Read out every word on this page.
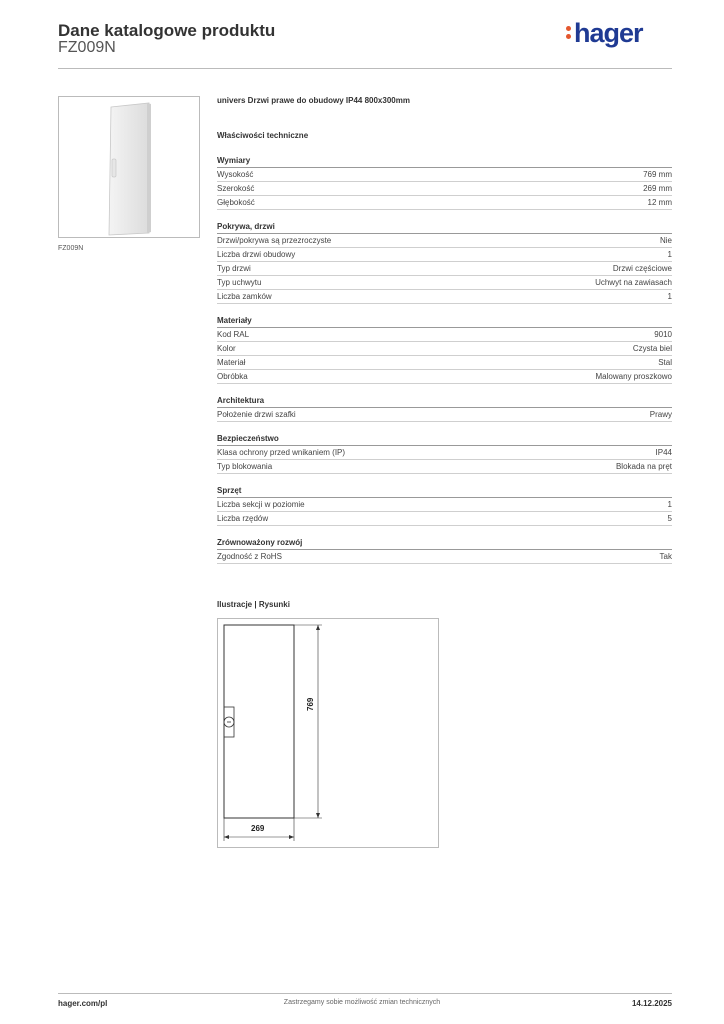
Dane katalogowe produktu
FZ009N	hager
FZ009N
univers Drzwi prawe do obudowy IP44 800x300mm
Właściwości techniczne
Wymiary
Wysokość	769 mm
Szerokość	269 mm
Głębokość	12 mm
Pokrywa, drzwi
Drzwi/pokrywa są przezroczyste	Nie
Liczba drzwi obudowy	1
Typ drzwi	Drzwi częściowe
Typ uchwytu	Uchwyt na zawiasach
Liczba zamków	1
Materiały
Kod RAL	9010
Kolor	Czysta biel
Materiał	Stal
Obróbka	Malowany proszkowo
Architektura
Położenie drzwi szafki	Prawy
Bezpieczeństwo
Klasa ochrony przed wnikaniem (IP)	IP44
Typ blokowania	Blokada na pręt
Sprzęt
Liczba sekcji w poziomie	1
Liczba rzędów	5
Zrównoważony rozwój
Zgodność z RoHS	Tak
Ilustracje | Rysunki
269
769
hager.com/pl	Zastrzegamy sobie możliwość zmian technicznych	14.12.2025
